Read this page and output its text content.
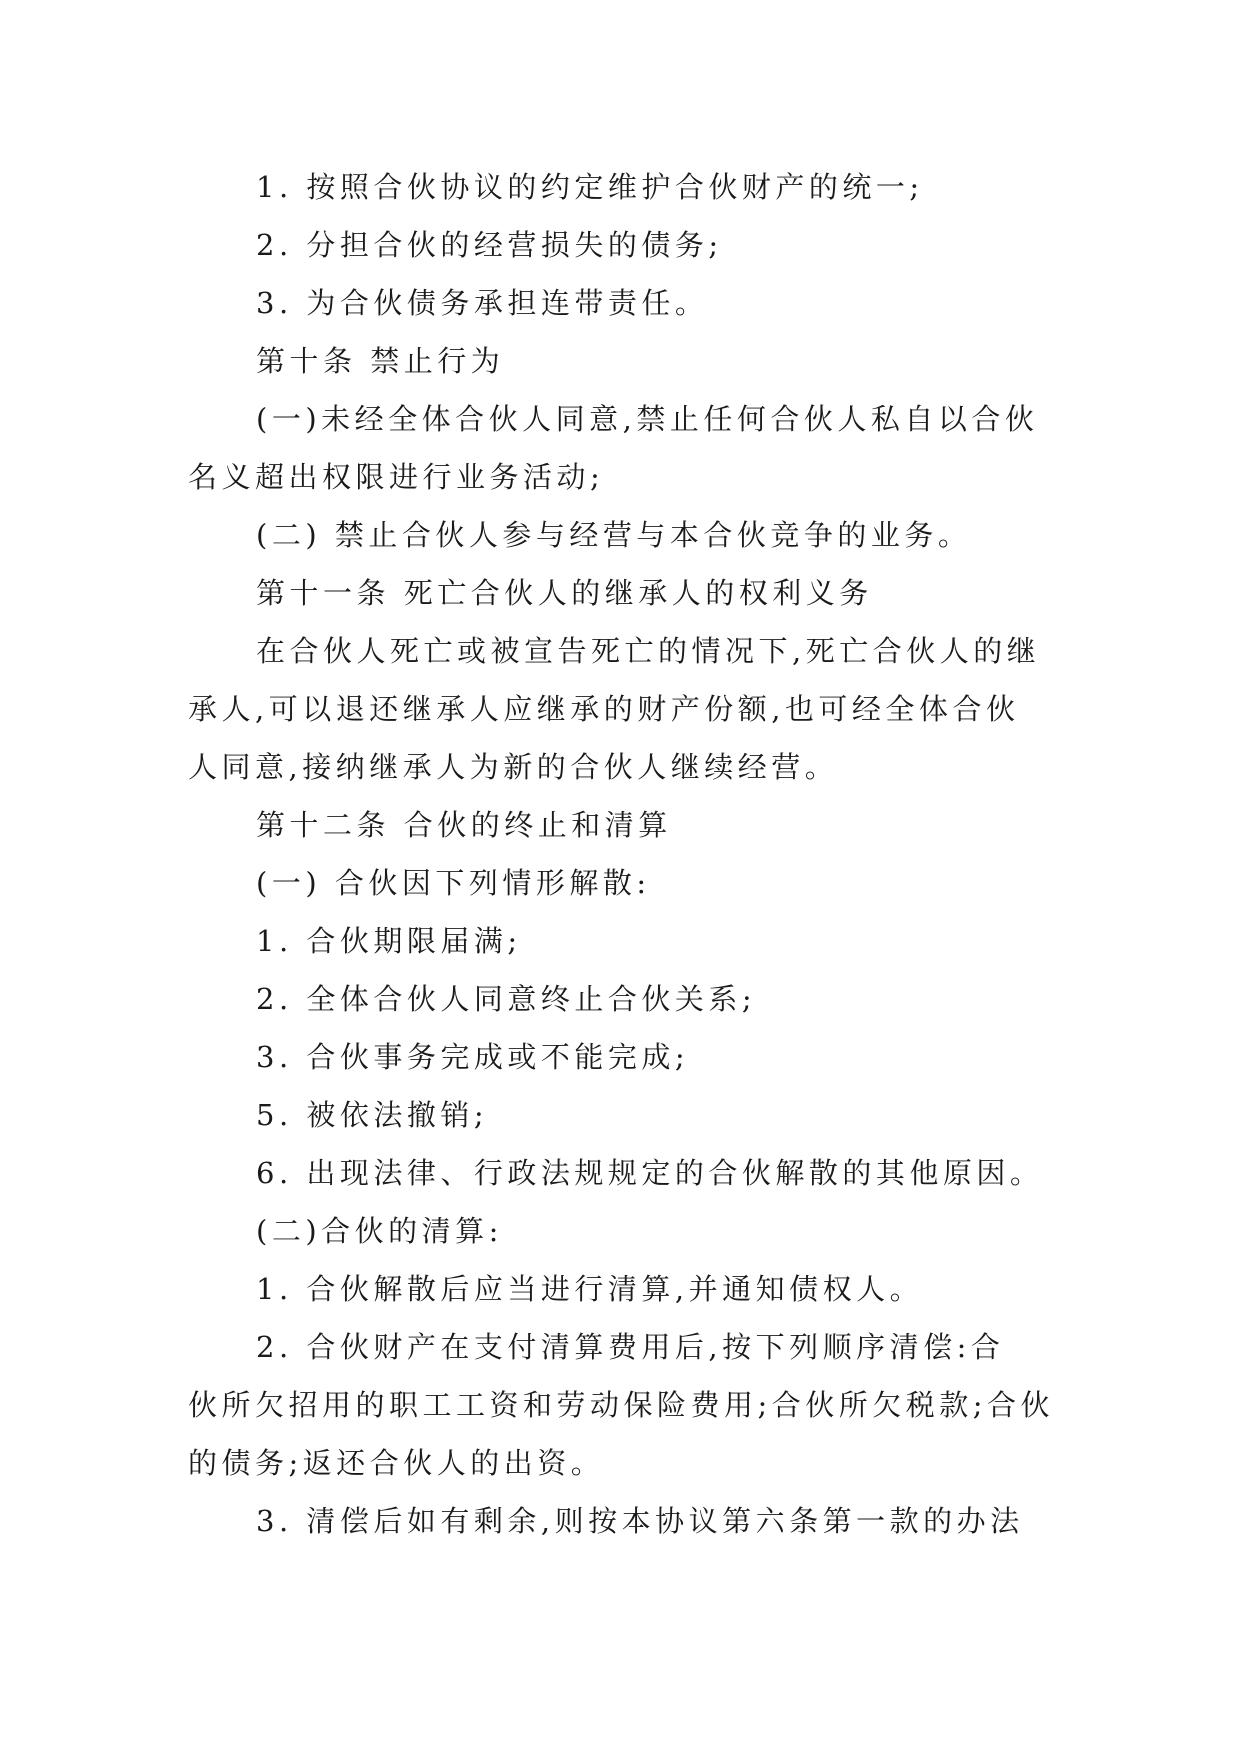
1. 按照合伙协议的约定维护合伙财产的统一;

2. 分担合伙的经营损失的债务;

3. 为合伙债务承担连带责任。

第十条 禁止行为

(一)未经全体合伙人同意,禁止任何合伙人私自以合伙

名义超出权限进行业务活动;

(二) 禁止合伙人参与经营与本合伙竞争的业务。

第十一条 死亡合伙人的继承人的权利义务

在合伙人死亡或被宣告死亡的情况下,死亡合伙人的继

承人,可以退还继承人应继承的财产份额,也可经全体合伙

人同意,接纳继承人为新的合伙人继续经营。

第十二条 合伙的终止和清算

(一) 合伙因下列情形解散:

1. 合伙期限届满;

2. 全体合伙人同意终止合伙关系;

3. 合伙事务完成或不能完成;

5. 被依法撤销;

6. 出现法律、行政法规规定的合伙解散的其他原因。

(二)合伙的清算:

1. 合伙解散后应当进行清算,并通知债权人。

2. 合伙财产在支付清算费用后,按下列顺序清偿:合

伙所欠招用的职工工资和劳动保险费用;合伙所欠税款;合伙

的债务;返还合伙人的出资。

3. 清偿后如有剩余,则按本协议第六条第一款的办法
